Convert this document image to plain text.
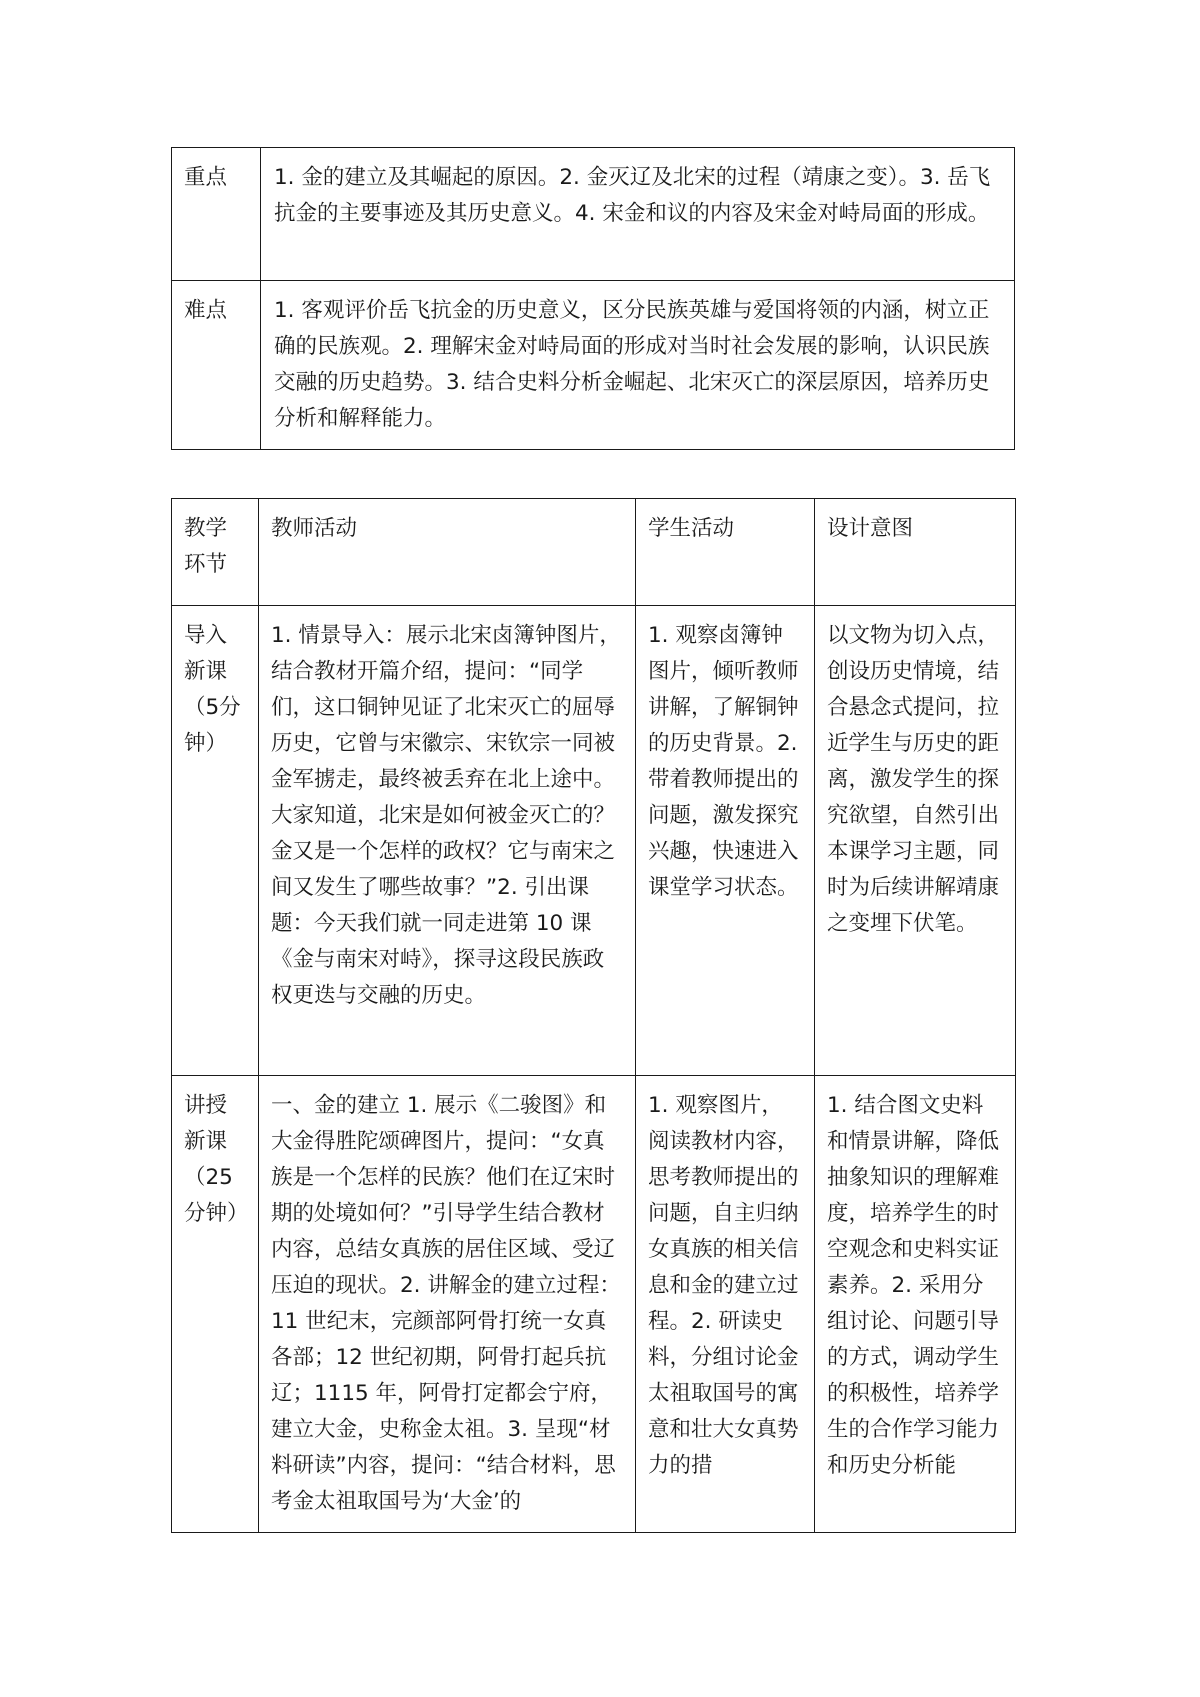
重点	1. 金的建立及其崛起的原因。2. 金灭辽及北宋的过程（靖康之变）。3. 岳飞抗金的主要事迹及其历史意义。4. 宋金和议的内容及宋金对峙局面的形成。
难点	1. 客观评价岳飞抗金的历史意义，区分民族英雄与爱国将领的内涵，树立正确的民族观。2. 理解宋金对峙局面的形成对当时社会发展的影响，认识民族交融的历史趋势。3. 结合史料分析金崛起、北宋灭亡的深层原因，培养历史分析和解释能力。
教学环节	教师活动	学生活动	设计意图
导入新课（5分钟）	1. 情景导入：展示北宋卤簿钟图片，结合教材开篇介绍，提问：“同学们，这口铜钟见证了北宋灭亡的屈辱历史，它曾与宋徽宗、宋钦宗一同被金军掳走，最终被丢弃在北上途中。大家知道，北宋是如何被金灭亡的？金又是一个怎样的政权？它与南宋之间又发生了哪些故事？”2. 引出课题：今天我们就一同走进第 10 课《金与南宋对峙》，探寻这段民族政权更迭与交融的历史。	1. 观察卤簿钟图片，倾听教师讲解，了解铜钟的历史背景。2. 带着教师提出的问题，激发探究兴趣，快速进入课堂学习状态。	以文物为切入点，创设历史情境，结合悬念式提问，拉近学生与历史的距离，激发学生的探究欲望，自然引出本课学习主题，同时为后续讲解靖康之变埋下伏笔。
讲授新课（25 分钟）	一、金的建立 1. 展示《二骏图》和大金得胜陀颂碑图片，提问：“女真族是一个怎样的民族？他们在辽宋时期的处境如何？”引导学生结合教材内容，总结女真族的居住区域、受辽压迫的现状。2. 讲解金的建立过程：11 世纪末，完颜部阿骨打统一女真各部；12 世纪初期，阿骨打起兵抗辽；1115 年，阿骨打定都会宁府，建立大金，史称金太祖。3. 呈现“材料研读”内容，提问：“结合材料，思考金太祖取国号为‘大金’的	1. 观察图片，阅读教材内容，思考教师提出的问题，自主归纳女真族的相关信息和金的建立过程。2. 研读史料，分组讨论金太祖取国号的寓意和壮大女真势力的措	1. 结合图文史料和情景讲解，降低抽象知识的理解难度，培养学生的时空观念和史料实证素养。2. 采用分组讨论、问题引导的方式，调动学生的积极性，培养学生的合作学习能力和历史分析能
